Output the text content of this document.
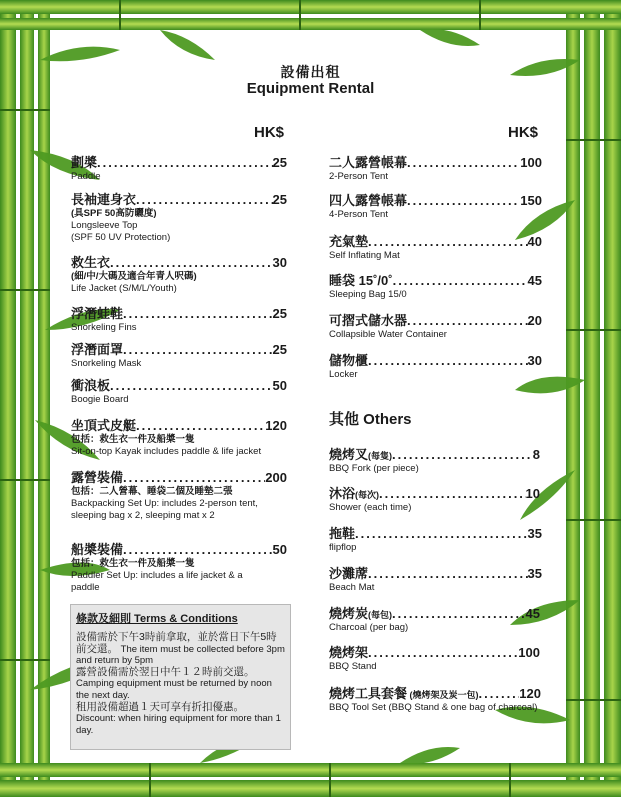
設備出租
Equipment Rental
HK$	HK$
劃槳 .....	25
Paddle
長袖連身衣 .....	25
(具SPF 50高防曬度)
Longsleeve Top
(SPF 50 UV Protection)
救生衣 .....	30
(細/中/大碼及適合年青人呎碼)
Life Jacket (S/M/L/Youth)
浮潛蛙鞋 .....	25
Snorkeling Fins
浮潛面罩 .....	25
Snorkeling Mask
衝浪板 .....	50
Boogie Board
坐頂式皮艇 .....	120
包括：救生衣一件及船槳一隻
Sit-on-top Kayak includes paddle & life jacket
露營裝備 .....	200
包括：二人營幕、睡袋二個及睡墊二張
Backpacking Set Up: includes 2-person tent,
sleeping bag x 2, sleeping mat x 2
船槳裝備 .....	50
包括：救生衣一件及船槳一隻
Paddler Set Up: includes a life jacket & a
paddle
條款及細則 Terms & Conditions
設備需於下午3時前拿取，並於當日下午5時前交還。 The item must be collected before 3pm and return by 5pm
露營設備需於翌日中午１２時前交還。
Camping equipment must be returned by noon the next day.
租用設備超過１天可享有折扣優惠。
Discount: when hiring equipment for more than 1 day.
二人露營帳幕 .....	100
2-Person Tent
四人露營帳幕 .....	150
4-Person Tent
充氣墊 .....	40
Self Inflating Mat
睡袋 15˚/0˚ .....	45
Sleeping Bag 15/0
可摺式儲水器 .....	20
Collapsible Water Container
儲物櫃 .....	30
Locker
其他 Others
燒烤叉(每隻) .....	8
BBQ Fork (per piece)
沐浴(每次) .....	10
Shower (each time)
拖鞋 .....	35
flipflop
沙灘蓆 .....	35
Beach Mat
燒烤炭(每包) .....	45
Charcoal (per bag)
燒烤架 .....	100
BBQ Stand
燒烤工具套餐 (燒烤架及炭一包) .....	120
BBQ Tool Set (BBQ Stand & one bag of charcoal)
